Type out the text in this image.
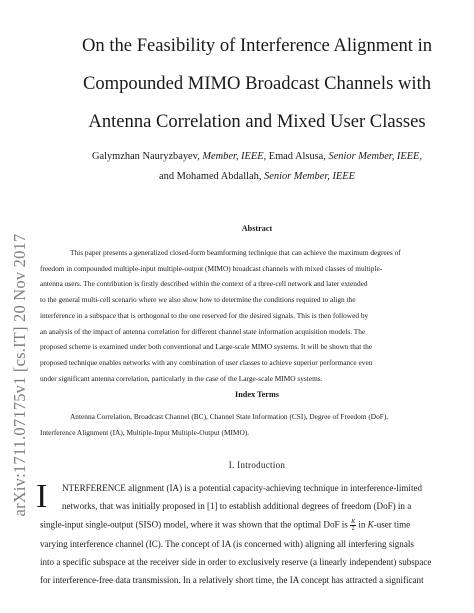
arXiv:1711.07175v1 [cs.IT] 20 Nov 2017
On the Feasibility of Interference Alignment in
Compounded MIMO Broadcast Channels with
Antenna Correlation and Mixed User Classes
Galymzhan Nauryzbayev, Member, IEEE, Emad Alsusa, Senior Member, IEEE,
and Mohamed Abdallah, Senior Member, IEEE
Abstract
This paper presents a generalized closed-form beamforming technique that can achieve the maximum degrees of
freedom in compounded multiple-input multiple-output (MIMO) broadcast channels with mixed classes of multiple-
antenna users. The contribution is firstly described within the context of a three-cell network and later extended
to the general multi-cell scenario where we also show how to determine the conditions required to align the
interference in a subspace that is orthogonal to the one reserved for the desired signals. This is then followed by
an analysis of the impact of antenna correlation for different channel state information acquisition models. The
proposed scheme is examined under both conventional and Large-scale MIMO systems. It will be shown that the
proposed technique enables networks with any combination of user classes to achieve superior performance even
under significant antenna correlation, particularly in the case of the Large-scale MIMO systems.
Index Terms
Antenna Correlation, Broadcast Channel (BC), Channel State Information (CSI), Degree of Freedom (DoF),
Interference Alignment (IA), Multiple-Input Multiple-Output (MIMO).
I. Introduction
I NTERFERENCE alignment (IA) is a potential capacity-achieving technique in interference-limited
networks, that was initially proposed in [1] to establish additional degrees of freedom (DoF) in a
single-input single-output (SISO) model, where it was shown that the optimal DoF is $\frac{K}{2}$ in K-user time
varying interference channel (IC). The concept of IA (is concerned with) aligning all interfering signals
into a specific subspace at the receiver side in order to exclusively reserve (a linearly independent) subspace
for interference-free data transmission. In a relatively short time, the IA concept has attracted a significant
